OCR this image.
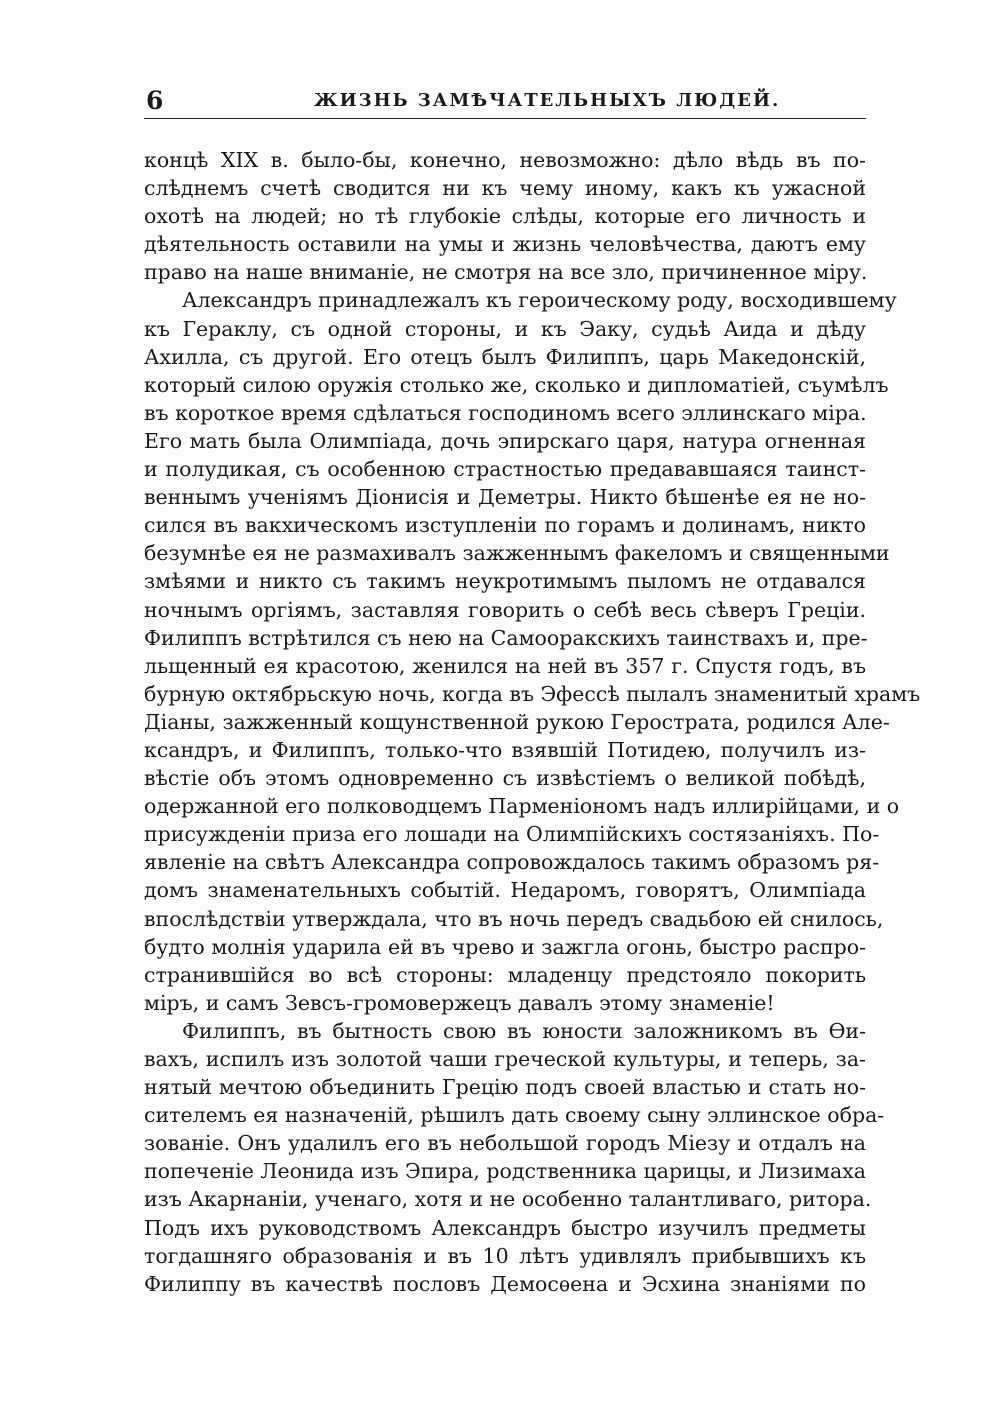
6	ЖИЗНЬ ЗАМѢЧАТЕЛЬНЫХЪ ЛЮДЕЙ.
концѣ XIX в. было-бы, конечно, невозможно: дѣло вѣдь въ по-
слѣднемъ счетѣ сводится ни къ чему иному, какъ къ ужасной
охотѣ на людей; но тѣ глубокіе слѣды, которые его личность и
дѣятельность оставили на умы и жизнь человѣчества, даютъ ему
право на наше вниманіе, не смотря на все зло, причиненное міру.
Александръ принадлежалъ къ героическому роду, восходившему
къ Гераклу, съ одной стороны, и къ Эаку, судьѣ Аида и дѣду
Ахилла, съ другой. Его отецъ былъ Филиппъ, царь Македонскій,
который силою оружія столько же, сколько и дипломатіей, съумѣлъ
въ короткое время сдѣлаться господиномъ всего эллинскаго міра.
Его мать была Олимпіада, дочь эпирскаго царя, натура огненная
и полудикая, съ особенною страстностью предававшаяся таинст-
веннымъ ученіямъ Діонисія и Деметры. Никто бѣшенѣе ея не но-
сился въ вакхическомъ изступленіи по горамъ и долинамъ, никто
безумнѣе ея не размахивалъ зажженнымъ факеломъ и священными
змѣями и никто съ такимъ неукротимымъ пыломъ не отдавался
ночнымъ оргіямъ, заставляя говорить о себѣ весь сѣверъ Греціи.
Филиппъ встрѣтился съ нею на Самооракскихъ таинствахъ и, пре-
льщенный ея красотою, женился на ней въ 357 г. Спустя годъ, въ
бурную октябрьскую ночь, когда въ Эфессѣ пылалъ знаменитый храмъ
Діаны, зажженный кощунственной рукою Герострата, родился Але-
ксандръ, и Филиппъ, только-что взявшій Потидею, получилъ из-
вѣстіе объ этомъ одновременно съ извѣстіемъ о великой побѣдѣ,
одержанной его полководцемъ Парменіономъ надъ иллирійцами, и о
присужденіи приза его лошади на Олимпійскихъ состязаніяхъ. По-
явленіе на свѣтъ Александра сопровождалось такимъ образомъ ря-
домъ знаменательныхъ событій. Недаромъ, говорятъ, Олимпіада
впослѣдствіи утверждала, что въ ночь передъ свадьбою ей снилось,
будто молнія ударила ей въ чрево и зажгла огонь, быстро распро-
странившійся во всѣ стороны: младенцу предстояло покорить
міръ, и самъ Зевсъ-громовержецъ давалъ этому знаменіе!
Филиппъ, въ бытность свою въ юности заложникомъ въ Ѳи-
вахъ, испилъ изъ золотой чаши греческой культуры, и теперь, за-
нятый мечтою объединить Грецію подъ своей властью и стать но-
сителемъ ея назначеній, рѣшилъ дать своему сыну эллинское обра-
зованіе. Онъ удалилъ его въ небольшой городъ Міезу и отдалъ на
попеченіе Леонида изъ Эпира, родственника царицы, и Лизимаха
изъ Акарнаніи, ученаго, хотя и не особенно талантливаго, ритора.
Подъ ихъ руководствомъ Александръ быстро изучилъ предметы
тогдашняго образованія и въ 10 лѣтъ удивлялъ прибывшихъ къ
Филиппу въ качествѣ пословъ Демосѳена и Эсхина знаніями по
